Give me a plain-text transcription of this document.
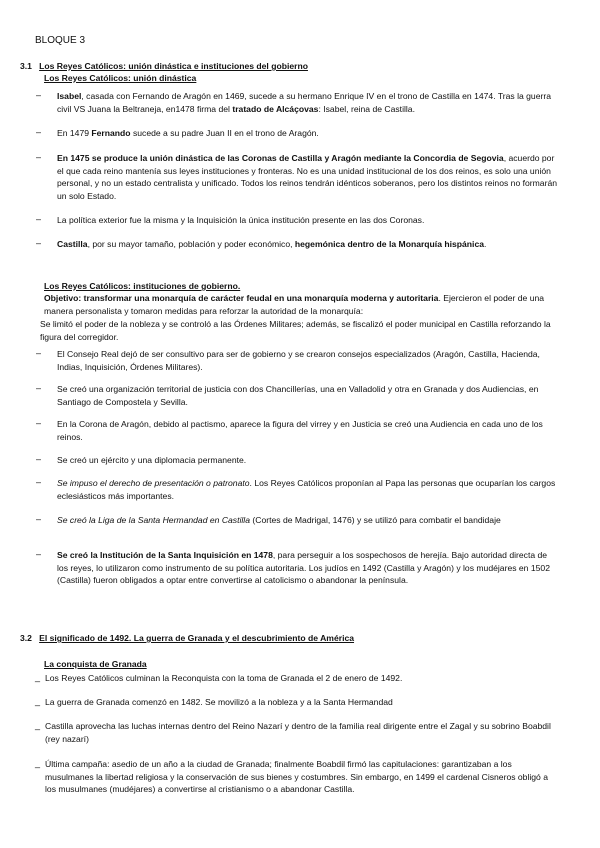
BLOQUE 3
3.1 Los Reyes Católicos: unión dinástica e instituciones del gobierno
Los Reyes Católicos: unión dinástica
– Isabel, casada con Fernando de Aragón en 1469, sucede a su hermano Enrique IV en el trono de Castilla en 1474. Tras la guerra civil VS Juana la Beltraneja, en1478 firma del tratado de Alcáçovas: Isabel, reina de Castilla.
– En 1479 Fernando sucede a su padre Juan II en el trono de Aragón.
– En 1475 se produce la unión dinástica de las Coronas de Castilla y Aragón mediante la Concordia de Segovia, acuerdo por el que cada reino mantenía sus leyes instituciones y fronteras. No es una unidad institucional de los dos reinos, es solo una unión personal, y no un estado centralista y unificado. Todos los reinos tendrán idénticos soberanos, pero los distintos reinos no formarán un solo Estado.
– La política exterior fue la misma y la Inquisición la única institución presente en las dos Coronas.
– Castilla, por su mayor tamaño, población y poder económico, hegemónica dentro de la Monarquía hispánica.
Los Reyes Católicos: instituciones de gobierno.
Objetivo: transformar una monarquía de carácter feudal en una monarquía moderna y autoritaria. Ejercieron el poder de una manera personalista y tomaron medidas para reforzar la autoridad de la monarquía:
Se limitó el poder de la nobleza y se controló a las Órdenes Militares; además, se fiscalizó el poder municipal en Castilla reforzando la figura del corregidor.
– El Consejo Real dejó de ser consultivo para ser de gobierno y se crearon consejos especializados (Aragón, Castilla, Hacienda, Indias, Inquisición, Órdenes Militares).
– Se creó una organización territorial de justicia con dos Chancillerías, una en Valladolid y otra en Granada y dos Audiencias, en Santiago de Compostela y Sevilla.
– En la Corona de Aragón, debido al pactismo, aparece la figura del virrey y en Justicia se creó una Audiencia en cada uno de los reinos.
– Se creó un ejército y una diplomacia permanente.
– Se impuso el derecho de presentación o patronato. Los Reyes Católicos proponían al Papa las personas que ocuparían los cargos eclesiásticos más importantes.
– Se creó la Liga de la Santa Hermandad en Castilla (Cortes de Madrigal, 1476) y se utilizó para combatir el bandidaje
– Se creó la Institución de la Santa Inquisición en 1478, para perseguir a los sospechosos de herejía. Bajo autoridad directa de los reyes, lo utilizaron como instrumento de su política autoritaria. Los judíos en 1492 (Castilla y Aragón) y los mudéjares en 1502 (Castilla) fueron obligados a optar entre convertirse al catolicismo o abandonar la península.
3.2 El significado de 1492. La guerra de Granada y el descubrimiento de América
La conquista de Granada
_ Los Reyes Católicos culminan la Reconquista con la toma de Granada el 2 de enero de 1492.
_ La guerra de Granada comenzó en 1482. Se movilizó a la nobleza y a la Santa Hermandad
_ Castilla aprovecha las luchas internas dentro del Reino Nazarí y dentro de la familia real dirigente entre el Zagal y su sobrino Boabdil (rey nazarí)
_ Última campaña: asedio de un año a la ciudad de Granada; finalmente Boabdil firmó las capitulaciones: garantizaban a los musulmanes la libertad religiosa y la conservación de sus bienes y costumbres. Sin embargo, en 1499 el cardenal Cisneros obligó a los musulmanes (mudéjares) a convertirse al cristianismo o a abandonar Castilla.
